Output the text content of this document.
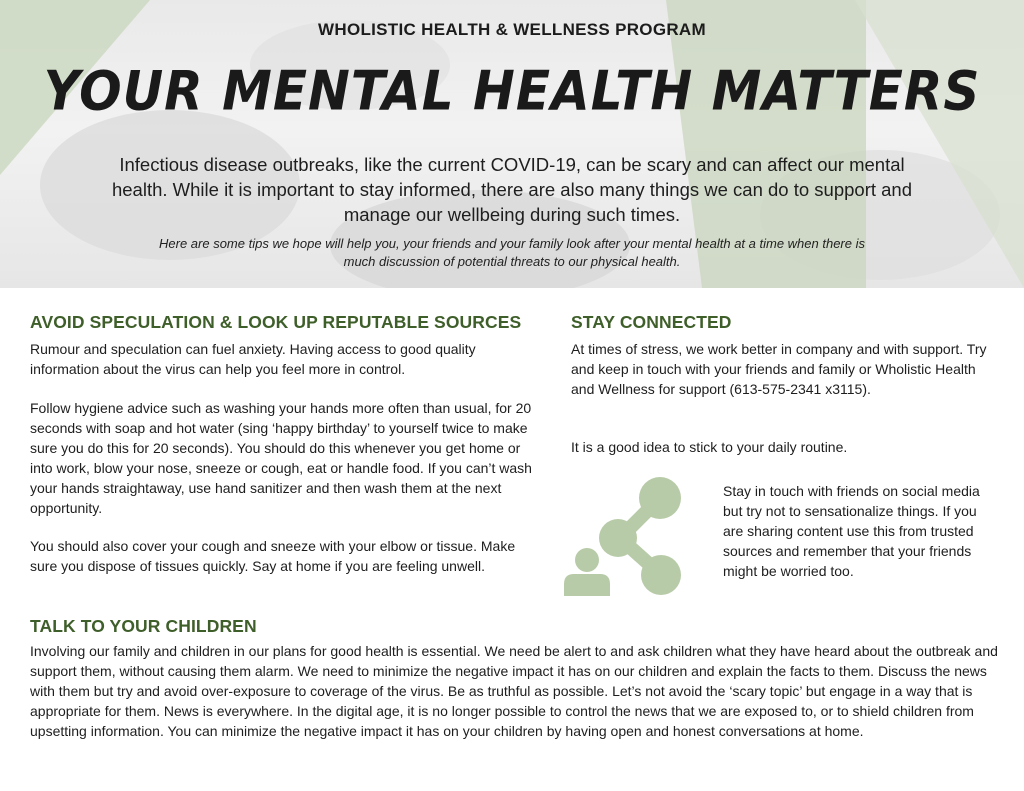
WHOLISTIC HEALTH & WELLNESS PROGRAM
YOUR MENTAL HEALTH MATTERS
Infectious disease outbreaks, like the current COVID-19, can be scary and can affect our mental health. While it is important to stay informed, there are also many things we can do to support and manage our wellbeing during such times.
Here are some tips we hope will help you, your friends and your family look after your mental health at a time when there is much discussion of potential threats to our physical health.
AVOID SPECULATION & LOOK UP REPUTABLE SOURCES

Rumour and speculation can fuel anxiety. Having access to good quality information about the virus can help you feel more in control.

Follow hygiene advice such as washing your hands more often than usual, for 20 seconds with soap and hot water (sing ‘happy birthday’ to yourself twice to make sure you do this for 20 seconds). You should do this whenever you get home or into work, blow your nose, sneeze or cough, eat or handle food. If you can’t wash your hands straightaway, use hand sanitizer and then wash them at the next opportunity.

You should also cover your cough and sneeze with your elbow or tissue. Make sure you dispose of tissues quickly. Say at home if you are feeling unwell.

STAY CONNECTED

At times of stress, we work better in company and with support. Try and keep in touch with your friends and family or Wholistic Health and Wellness for support (613-575-2341 x3115).

It is a good idea to stick to your daily routine.

Stay in touch with friends on social media but try not to sensationalize things. If you are sharing content use this from trusted sources and remember that your friends might be worried too.

TALK TO YOUR CHILDREN

Involving our family and children in our plans for good health is essential. We need be alert to and ask children what they have heard about the outbreak and support them, without causing them alarm. We need to minimize the negative impact it has on our children and explain the facts to them. Discuss the news with them but try and avoid over-exposure to coverage of the virus. Be as truthful as possible. Let’s not avoid the ‘scary topic’ but engage in a way that is appropriate for them. News is everywhere. In the digital age, it is no longer possible to control the news that we are exposed to, or to shield children from upsetting information. You can minimize the negative impact it has on your children by having open and honest conversations at home.
